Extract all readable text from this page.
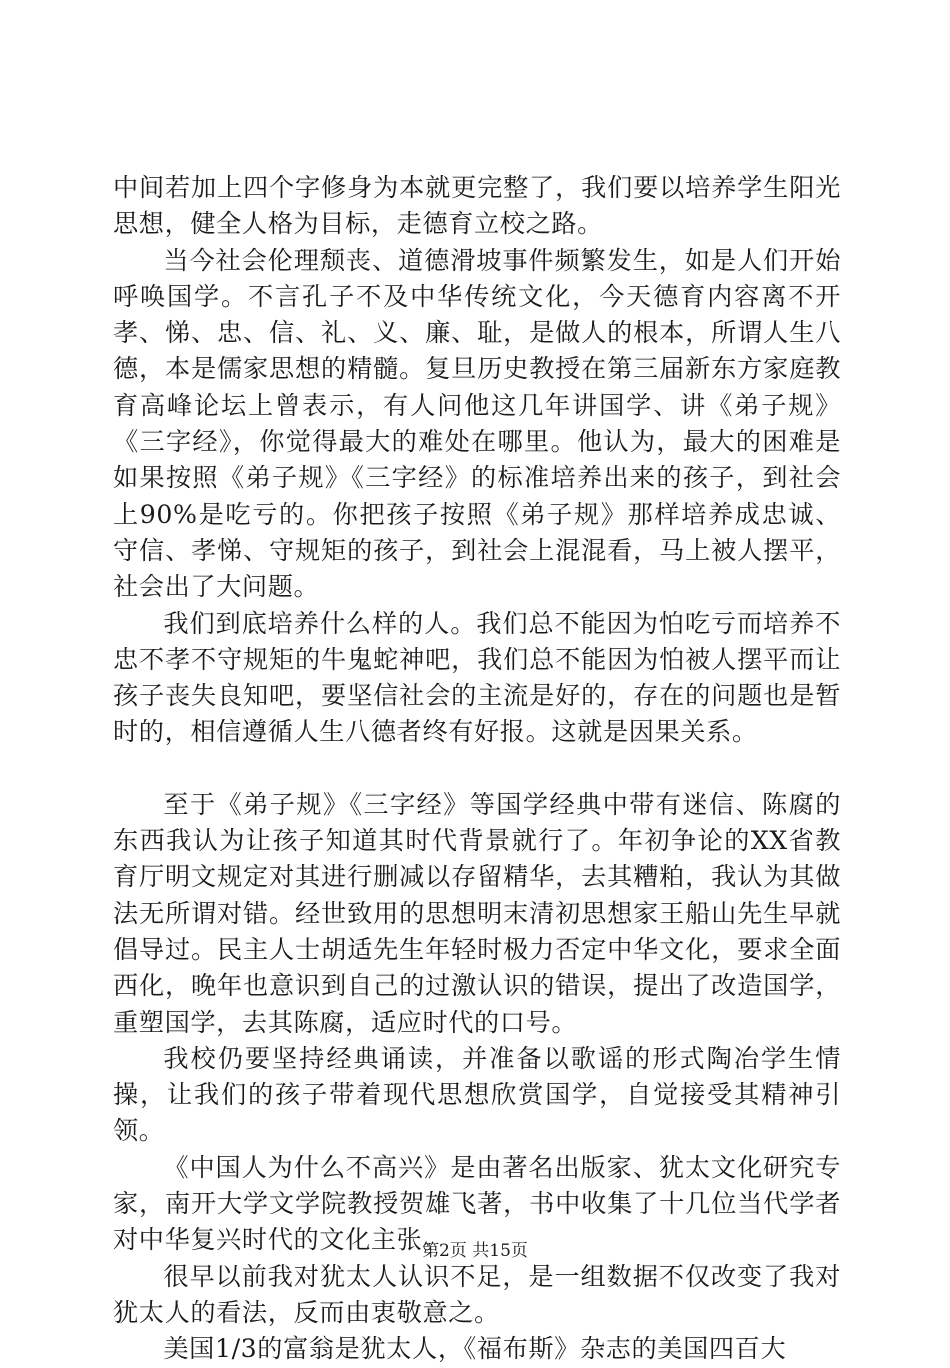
中间若加上四个字修身为本就更完整了，我们要以培养学生阳光思想，健全人格为目标，走德育立校之路。

当今社会伦理颓丧、道德滑坡事件频繁发生，如是人们开始呼唤国学。不言孔子不及中华传统文化，今天德育内容离不开孝、悌、忠、信、礼、义、廉、耻，是做人的根本，所谓人生八德，本是儒家思想的精髓。复旦历史教授在第三届新东方家庭教育高峰论坛上曾表示，有人问他这几年讲国学、讲《弟子规》《三字经》，你觉得最大的难处在哪里。他认为，最大的困难是如果按照《弟子规》《三字经》的标准培养出来的孩子，到社会上90%是吃亏的。你把孩子按照《弟子规》那样培养成忠诚、守信、孝悌、守规矩的孩子，到社会上混混看，马上被人摆平，社会出了大问题。

我们到底培养什么样的人。我们总不能因为怕吃亏而培养不忠不孝不守规矩的牛鬼蛇神吧，我们总不能因为怕被人摆平而让孩子丧失良知吧，要坚信社会的主流是好的，存在的问题也是暂时的，相信遵循人生八德者终有好报。这就是因果关系。

至于《弟子规》《三字经》等国学经典中带有迷信、陈腐的东西我认为让孩子知道其时代背景就行了。年初争论的XX省教育厅明文规定对其进行删减以存留精华，去其糟粕，我认为其做法无所谓对错。经世致用的思想明末清初思想家王船山先生早就倡导过。民主人士胡适先生年轻时极力否定中华文化，要求全面西化，晚年也意识到自己的过激认识的错误，提出了改造国学，重塑国学，去其陈腐，适应时代的口号。

我校仍要坚持经典诵读，并准备以歌谣的形式陶冶学生情操，让我们的孩子带着现代思想欣赏国学，自觉接受其精神引领。

《中国人为什么不高兴》是由著名出版家、犹太文化研究专家，南开大学文学院教授贺雄飞著，书中收集了十几位当代学者对中华复兴时代的文化主张。

很早以前我对犹太人认识不足，是一组数据不仅改变了我对犹太人的看法，反而由衷敬意之。

美国1/3的富翁是犹太人，《福布斯》杂志的美国四百大

第2页 共15页
